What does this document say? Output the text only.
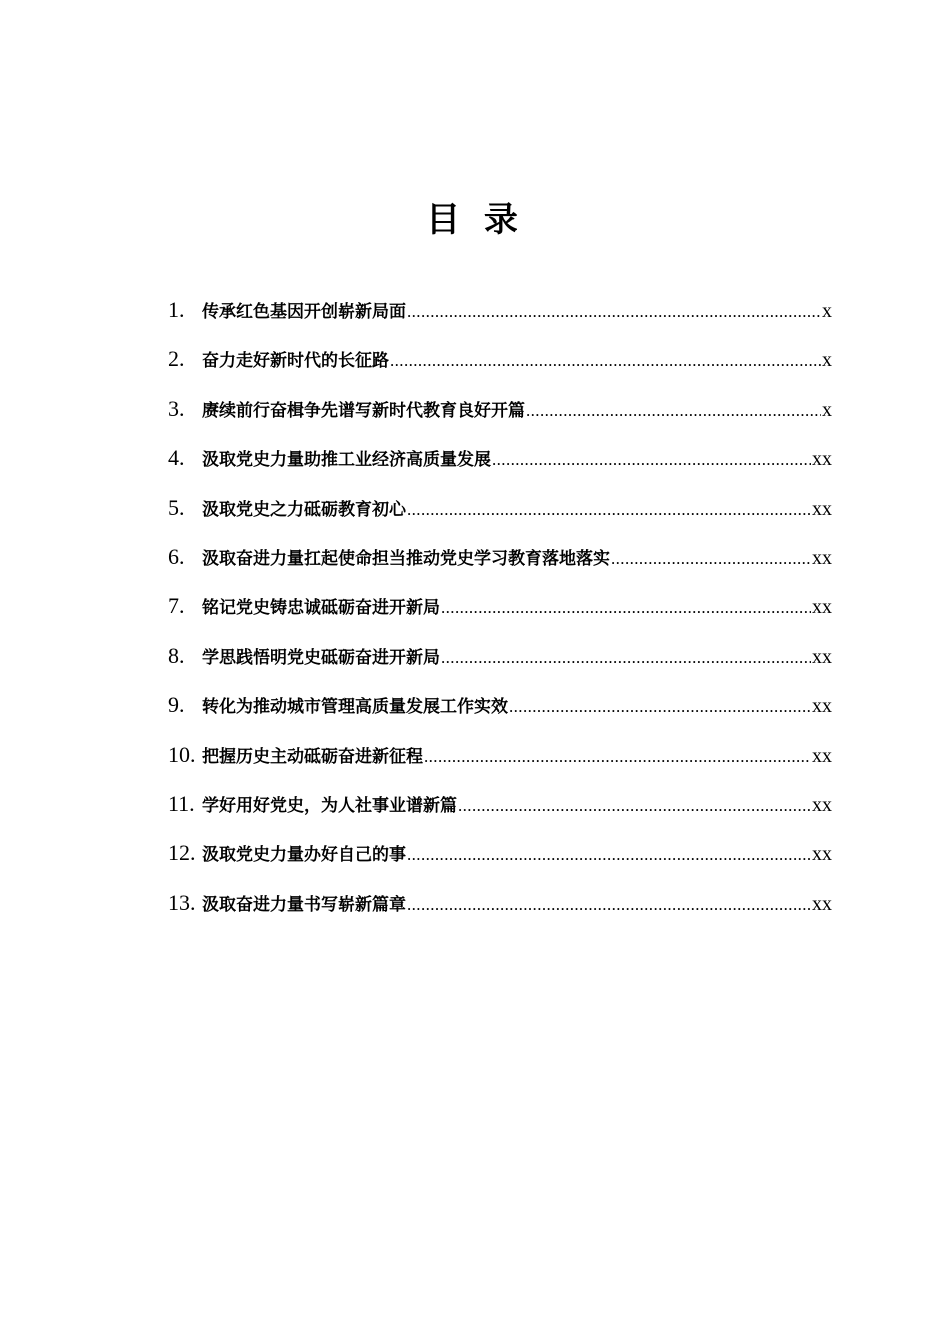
目 录
1.	传承红色基因开创崭新局面 .....	x
2.	奋力走好新时代的长征路 .....	x
3.	赓续前行奋楫争先谱写新时代教育良好开篇 .....	x
4.	汲取党史力量助推工业经济高质量发展 .....	xx
5.	汲取党史之力砥砺教育初心 .....	xx
6.	汲取奋进力量扛起使命担当推动党史学习教育落地落实 .....	xx
7.	铭记党史铸忠诚砥砺奋进开新局 .....	xx
8.	学思践悟明党史砥砺奋进开新局 .....	xx
9.	转化为推动城市管理高质量发展工作实效 .....	xx
10. 把握历史主动砥砺奋进新征程 .....	xx
11. 学好用好党史，为人社事业谱新篇 .....	xx
12. 汲取党史力量办好自己的事 .....	xx
13. 汲取奋进力量书写崭新篇章 .....	xx
